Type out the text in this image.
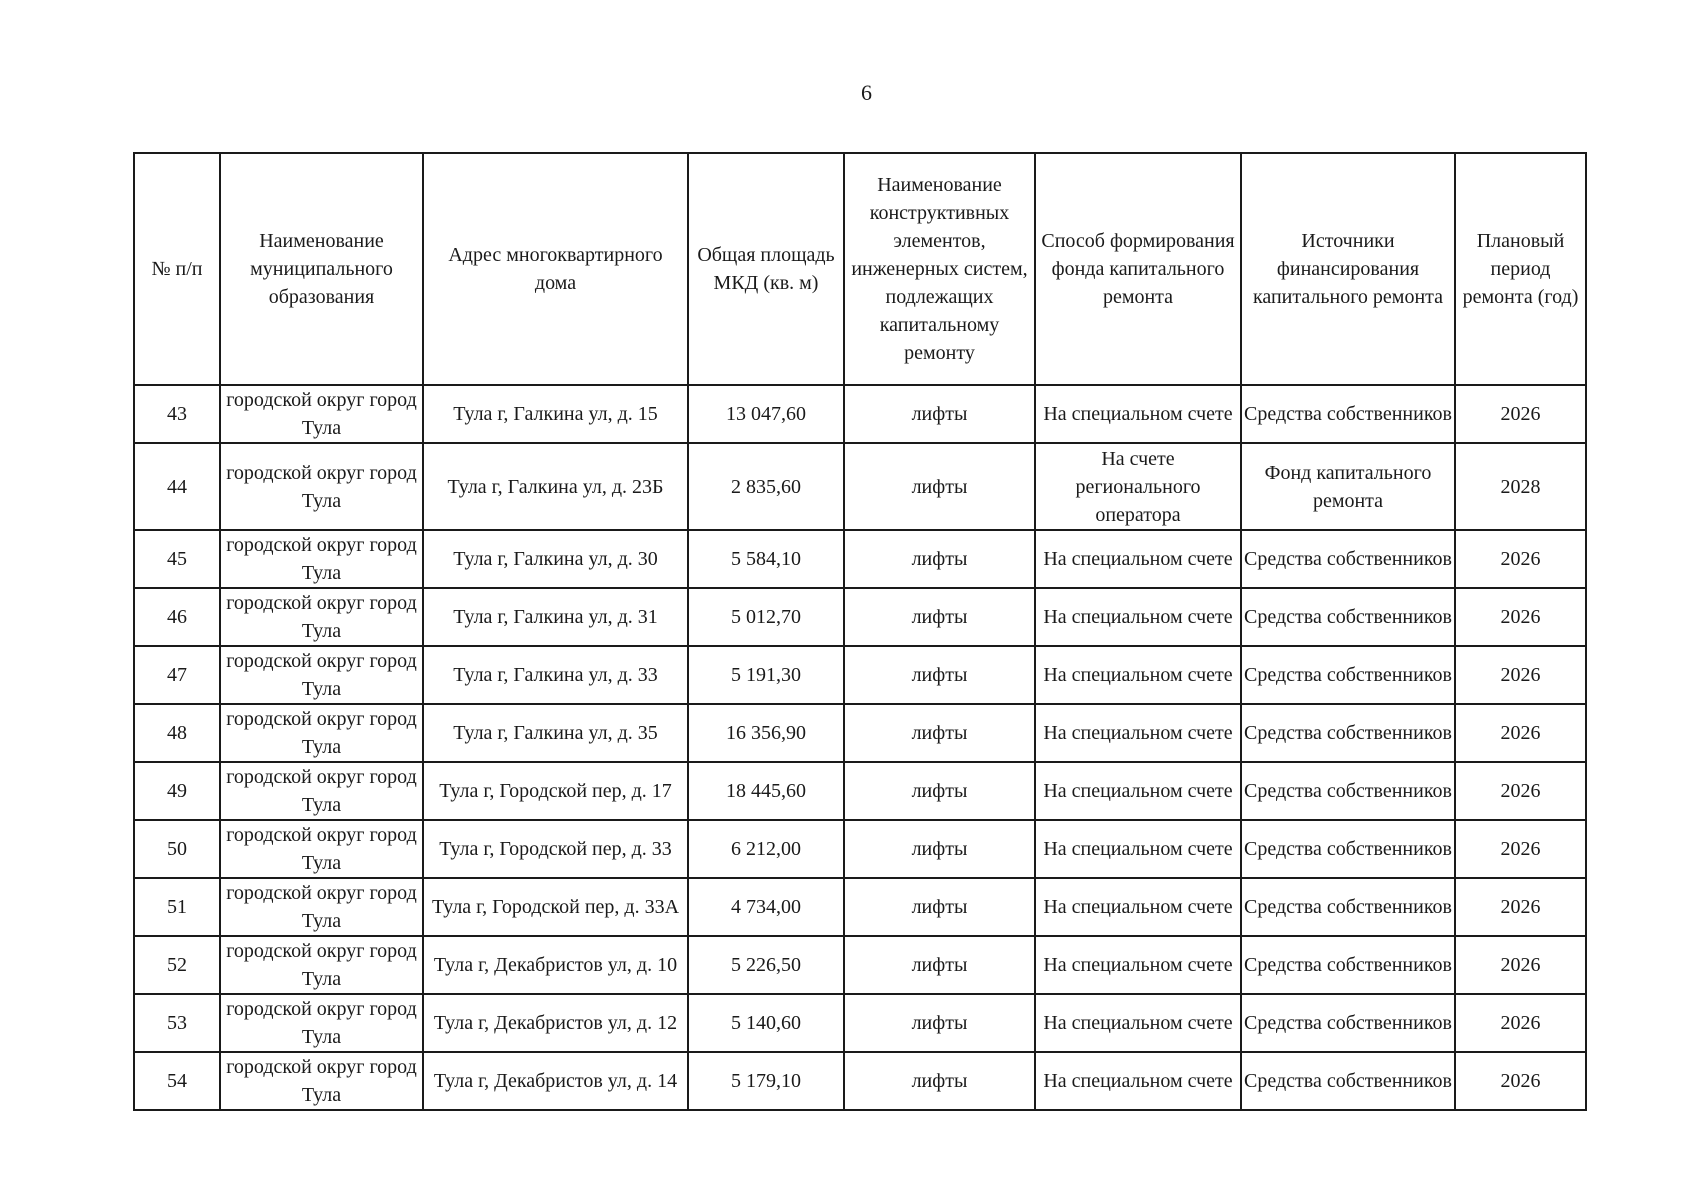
6
№ п/п	Наименование муниципального образования	Адрес многоквартирного дома	Общая площадь МКД (кв. м)	Наименование конструктивных элементов, инженерных систем, подлежащих капитальному ремонту	Способ формирования фонда капитального ремонта	Источники финансирования капитального ремонта	Плановый период ремонта (год)
43	городской округ город Тула	Тула г, Галкина ул, д. 15	13 047,60	лифты	На специальном счете	Средства собственников	2026
44	городской округ город Тула	Тула г, Галкина ул, д. 23Б	2 835,60	лифты	На счете регионального оператора	Фонд капитального ремонта	2028
45	городской округ город Тула	Тула г, Галкина ул, д. 30	5 584,10	лифты	На специальном счете	Средства собственников	2026
46	городской округ город Тула	Тула г, Галкина ул, д. 31	5 012,70	лифты	На специальном счете	Средства собственников	2026
47	городской округ город Тула	Тула г, Галкина ул, д. 33	5 191,30	лифты	На специальном счете	Средства собственников	2026
48	городской округ город Тула	Тула г, Галкина ул, д. 35	16 356,90	лифты	На специальном счете	Средства собственников	2026
49	городской округ город Тула	Тула г, Городской пер, д. 17	18 445,60	лифты	На специальном счете	Средства собственников	2026
50	городской округ город Тула	Тула г, Городской пер, д. 33	6 212,00	лифты	На специальном счете	Средства собственников	2026
51	городской округ город Тула	Тула г, Городской пер, д. 33А	4 734,00	лифты	На специальном счете	Средства собственников	2026
52	городской округ город Тула	Тула г, Декабристов ул, д. 10	5 226,50	лифты	На специальном счете	Средства собственников	2026
53	городской округ город Тула	Тула г, Декабристов ул, д. 12	5 140,60	лифты	На специальном счете	Средства собственников	2026
54	городской округ город Тула	Тула г, Декабристов ул, д. 14	5 179,10	лифты	На специальном счете	Средства собственников	2026
